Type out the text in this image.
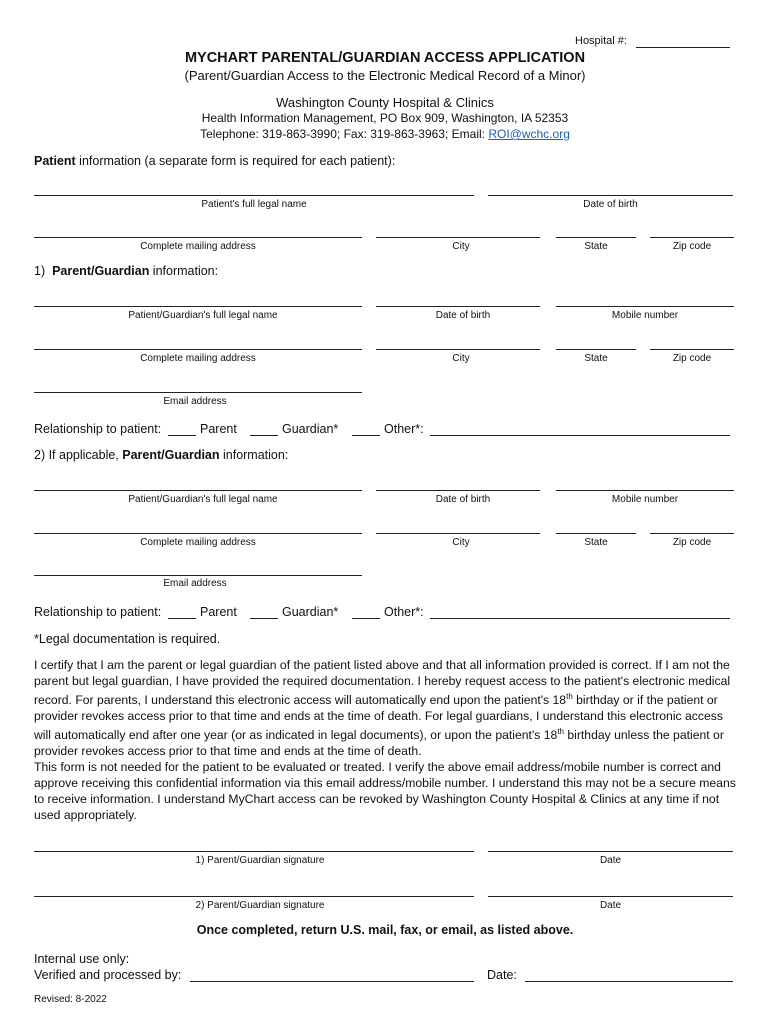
Hospital #:
MYCHART PARENTAL/GUARDIAN ACCESS APPLICATION
(Parent/Guardian Access to the Electronic Medical Record of a Minor)
Washington County Hospital & Clinics
Health Information Management, PO Box 909, Washington, IA 52353
Telephone: 319-863-3990; Fax: 319-863-3963; Email: ROI@wchc.org
Patient information (a separate form is required for each patient):
Patient's full legal name	Date of birth
Complete mailing address	City	State	Zip code
1) Parent/Guardian information:
Patient/Guardian's full legal name	Date of birth	Mobile number
Complete mailing address	City	State	Zip code
Email address
Relationship to patient:	Parent	Guardian*	Other*:
2) If applicable, Parent/Guardian information:
Patient/Guardian's full legal name	Date of birth	Mobile number
Complete mailing address	City	State	Zip code
Email address
Relationship to patient:	Parent	Guardian*	Other*:
*Legal documentation is required.
I certify that I am the parent or legal guardian of the patient listed above and that all information provided is correct. If I am not the parent but legal guardian, I have provided the required documentation. I hereby request access to the patient's electronic medical record. For parents, I understand this electronic access will automatically end upon the patient's 18th birthday or if the patient or provider revokes access prior to that time and ends at the time of death. For legal guardians, I understand this electronic access will automatically end after one year (or as indicated in legal documents), or upon the patient's 18th birthday unless the patient or provider revokes access prior to that time and ends at the time of death.
This form is not needed for the patient to be evaluated or treated. I verify the above email address/mobile number is correct and approve receiving this confidential information via this email address/mobile number. I understand this may not be a secure means to receive information. I understand MyChart access can be revoked by Washington County Hospital & Clinics at any time if not used appropriately.
1) Parent/Guardian signature	Date
2) Parent/Guardian signature	Date
Once completed, return U.S. mail, fax, or email, as listed above.
Internal use only:
Verified and processed by:	Date:
Revised: 8-2022
